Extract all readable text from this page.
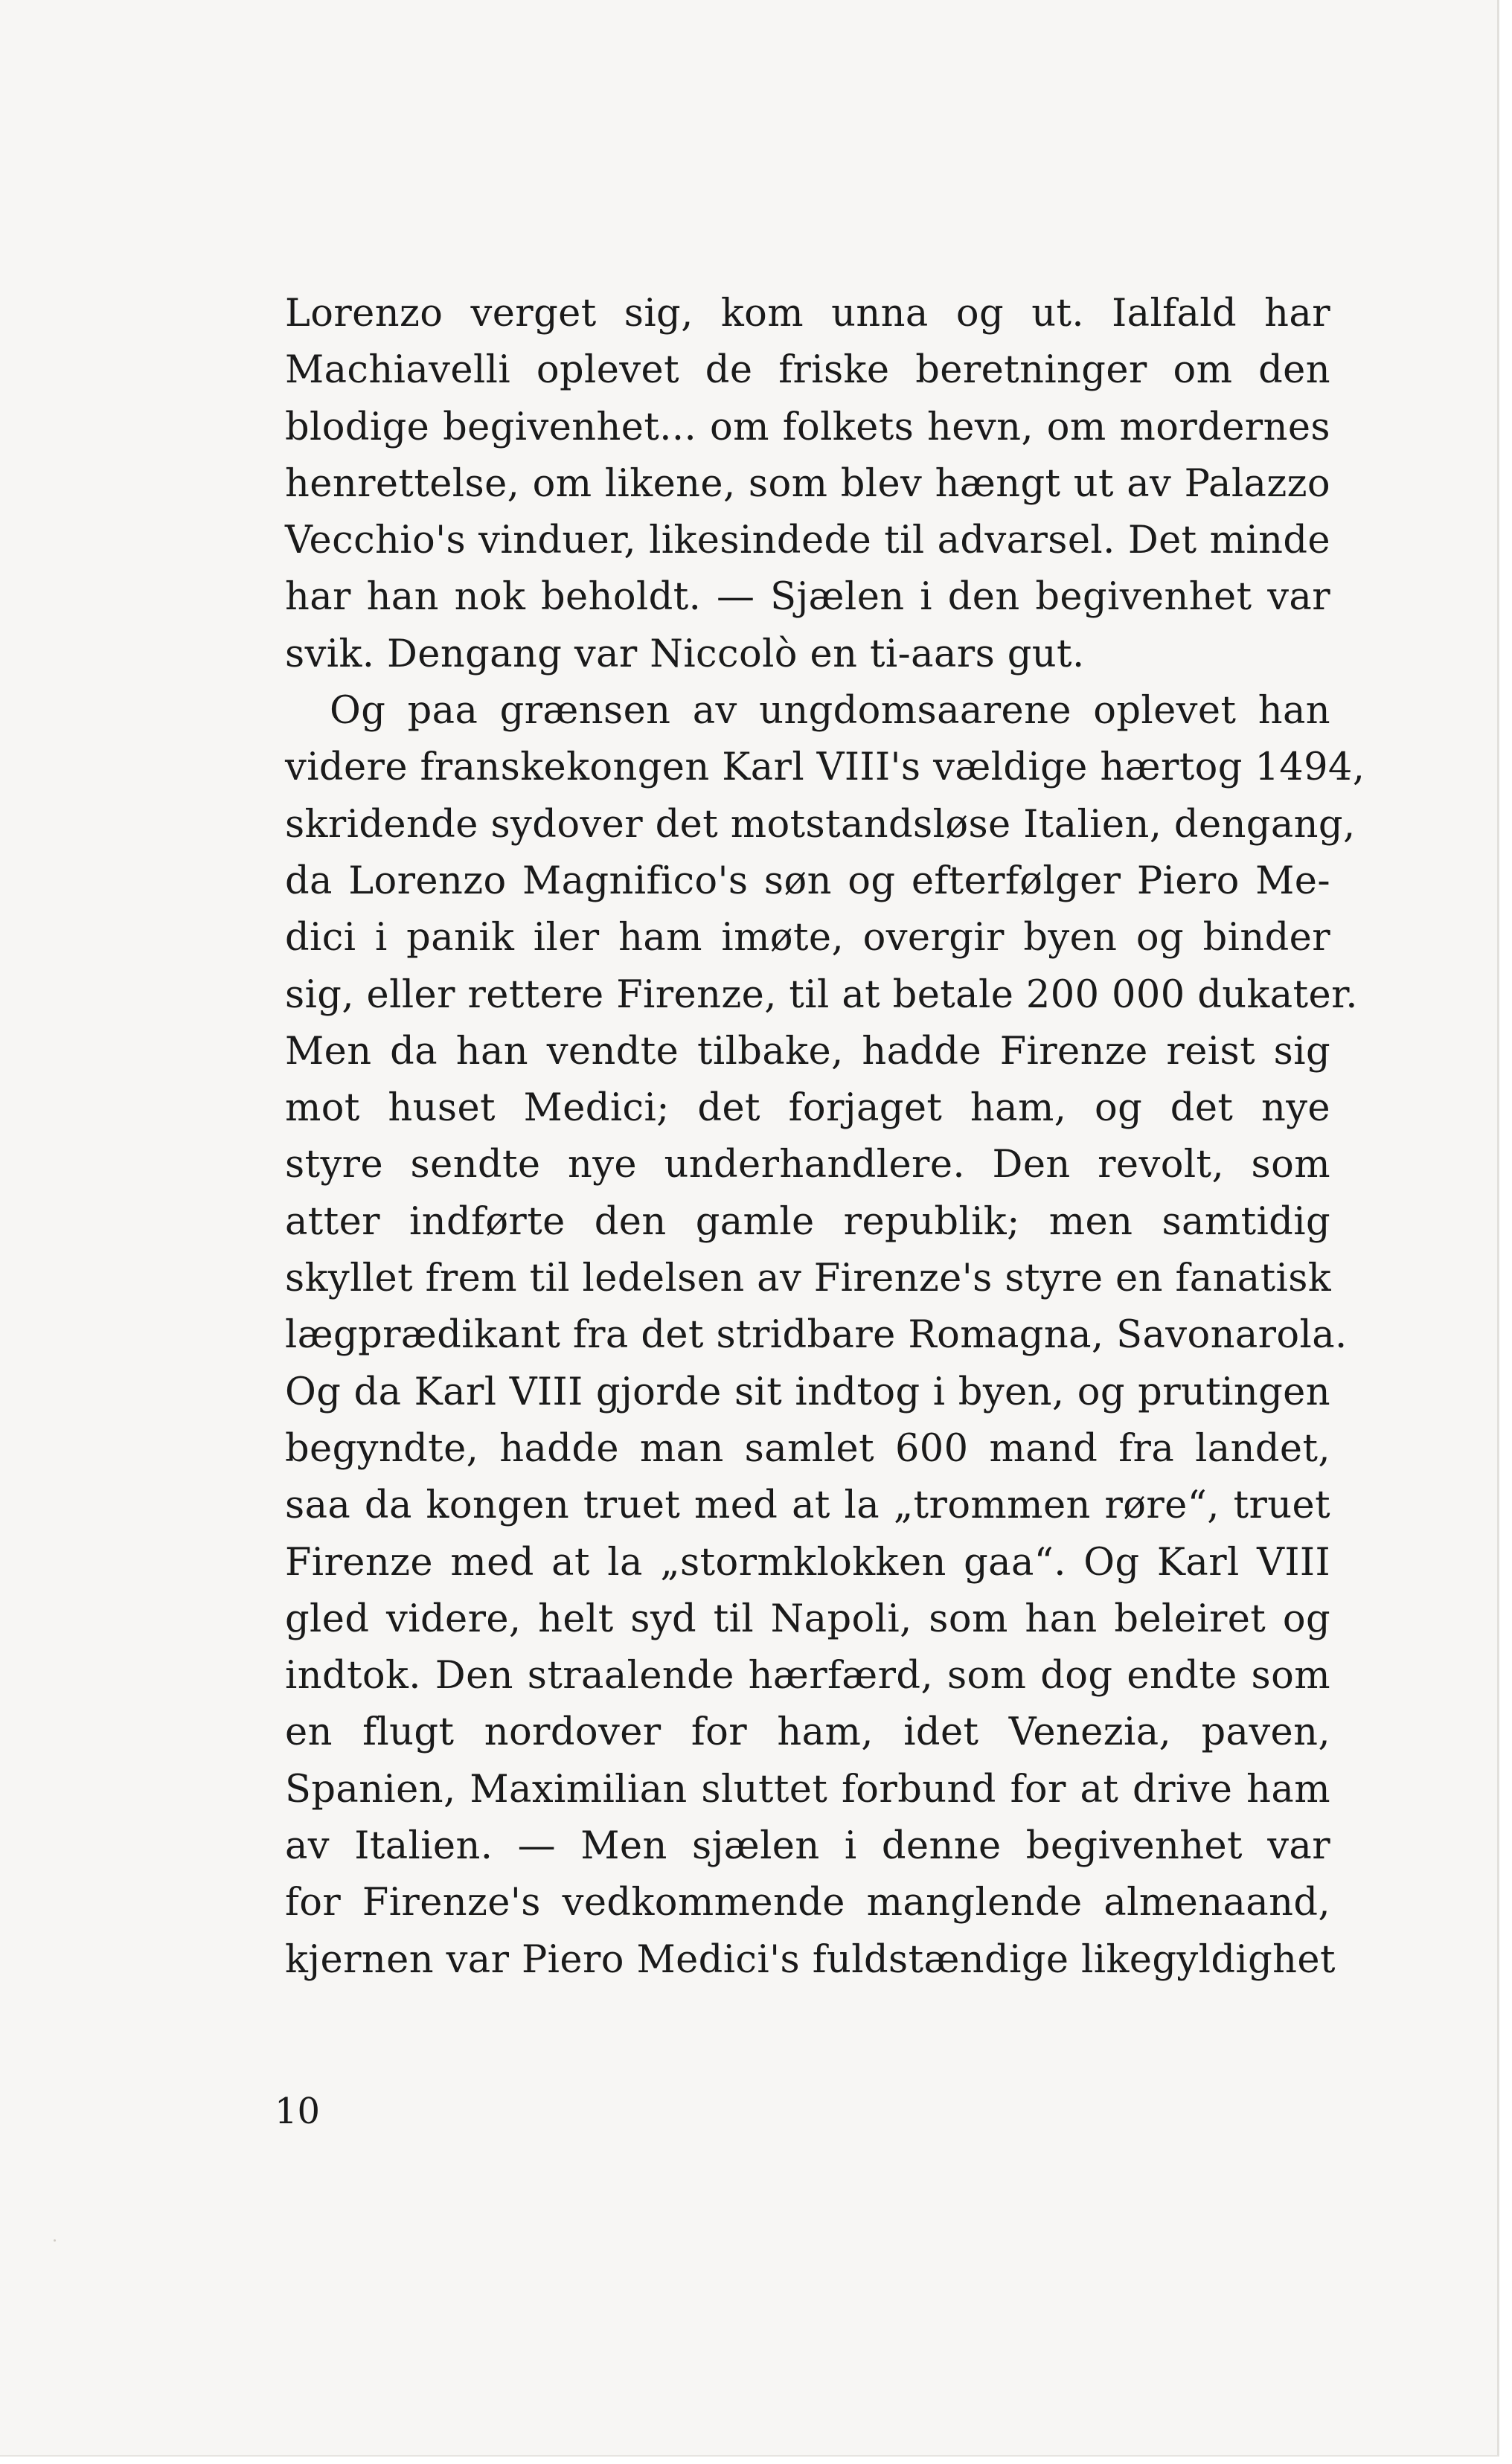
Lorenzo verget sig, kom unna og ut. Ialfald har
Machiavelli oplevet de friske beretninger om den
blodige begivenhet... om folkets hevn, om mordernes
henrettelse, om likene, som blev hængt ut av Palazzo
Vecchio's vinduer, likesindede til advarsel. Det minde
har han nok beholdt. — Sjælen i den begivenhet var
svik. Dengang var Niccolò en ti-aars gut.
Og paa grænsen av ungdomsaarene oplevet han
videre franskekongen Karl VIII's vældige hærtog 1494,
skridende sydover det motstandsløse Italien, dengang,
da Lorenzo Magnifico's søn og efterfølger Piero Me-
dici i panik iler ham imøte, overgir byen og binder
sig, eller rettere Firenze, til at betale 200 000 dukater.
Men da han vendte tilbake, hadde Firenze reist sig
mot huset Medici; det forjaget ham, og det nye
styre sendte nye underhandlere. Den revolt, som
atter indførte den gamle republik; men samtidig
skyllet frem til ledelsen av Firenze's styre en fanatisk
lægprædikant fra det stridbare Romagna, Savonarola.
Og da Karl VIII gjorde sit indtog i byen, og prutingen
begyndte, hadde man samlet 600 mand fra landet,
saa da kongen truet med at la „trommen røre“, truet
Firenze med at la „stormklokken gaa“. Og Karl VIII
gled videre, helt syd til Napoli, som han beleiret og
indtok. Den straalende hærfærd, som dog endte som
en flugt nordover for ham, idet Venezia, paven,
Spanien, Maximilian sluttet forbund for at drive ham
av Italien. — Men sjælen i denne begivenhet var
for Firenze's vedkommende manglende almenaand,
kjernen var Piero Medici's fuldstændige likegyldighet
10
